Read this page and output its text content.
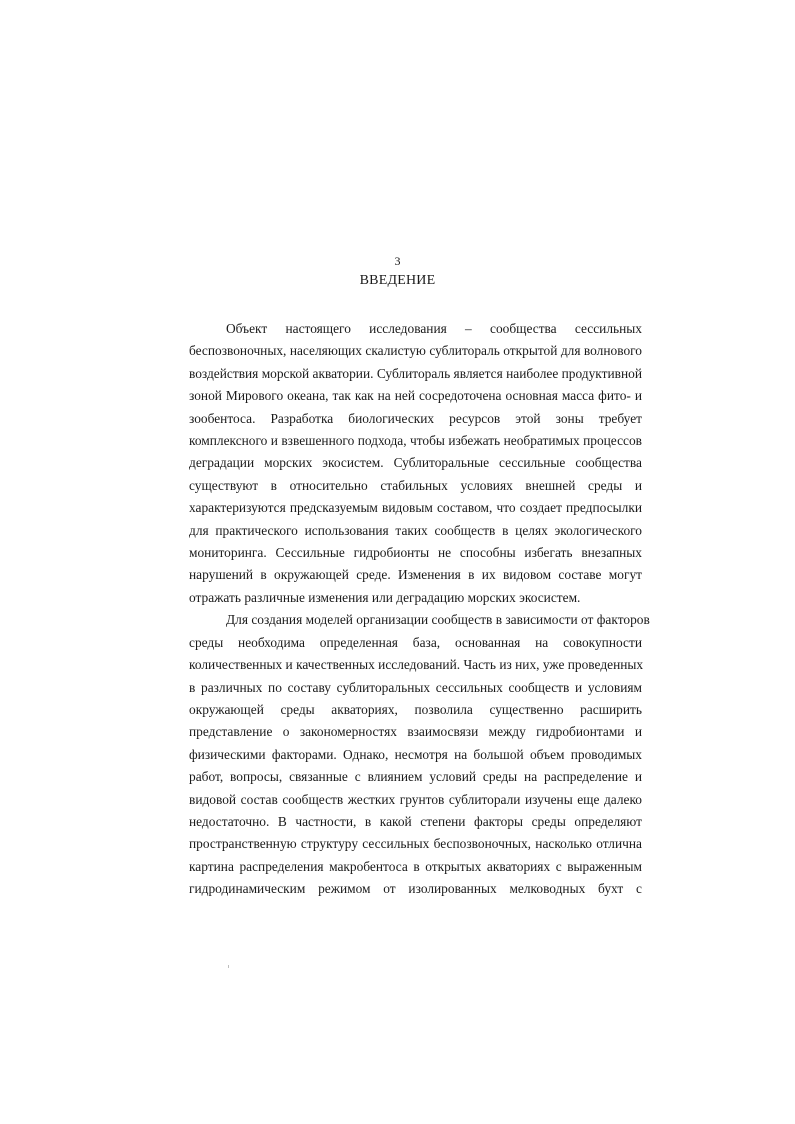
3
ВВЕДЕНИЕ
Объект настоящего исследования – сообщества сессильных
беспозвоночных, населяющих скалистую сублитораль открытой для волнового
воздействия морской акватории. Сублитораль является наиболее продуктивной
зоной Мирового океана, так как на ней сосредоточена основная масса фито- и
зообентоса. Разработка биологических ресурсов этой зоны требует
комплексного и взвешенного подхода, чтобы избежать необратимых процессов
деградации морских экосистем. Сублиторальные сессильные сообщества
существуют в относительно стабильных условиях внешней среды и
характеризуются предсказуемым видовым составом, что создает предпосылки
для практического использования таких сообществ в целях экологического
мониторинга. Сессильные гидробионты не способны избегать внезапных
нарушений в окружающей среде. Изменения в их видовом составе могут
отражать различные изменения или деградацию морских экосистем.
Для создания моделей организации сообществ в зависимости от факторов
среды необходима определенная база, основанная на совокупности
количественных и качественных исследований. Часть из них, уже проведенных
в различных по составу сублиторальных сессильных сообществ и условиям
окружающей среды акваториях, позволила существенно расширить
представление о закономерностях взаимосвязи между гидробионтами и
физическими факторами. Однако, несмотря на большой объем проводимых
работ, вопросы, связанные с влиянием условий среды на распределение и
видовой состав сообществ жестких грунтов сублиторали изучены еще далеко
недостаточно. В частности, в какой степени факторы среды определяют
пространственную структуру сессильных беспозвоночных, насколько отлична
картина распределения макробентоса в открытых акваториях с выраженным
гидродинамическим режимом от изолированных мелководных бухт с
